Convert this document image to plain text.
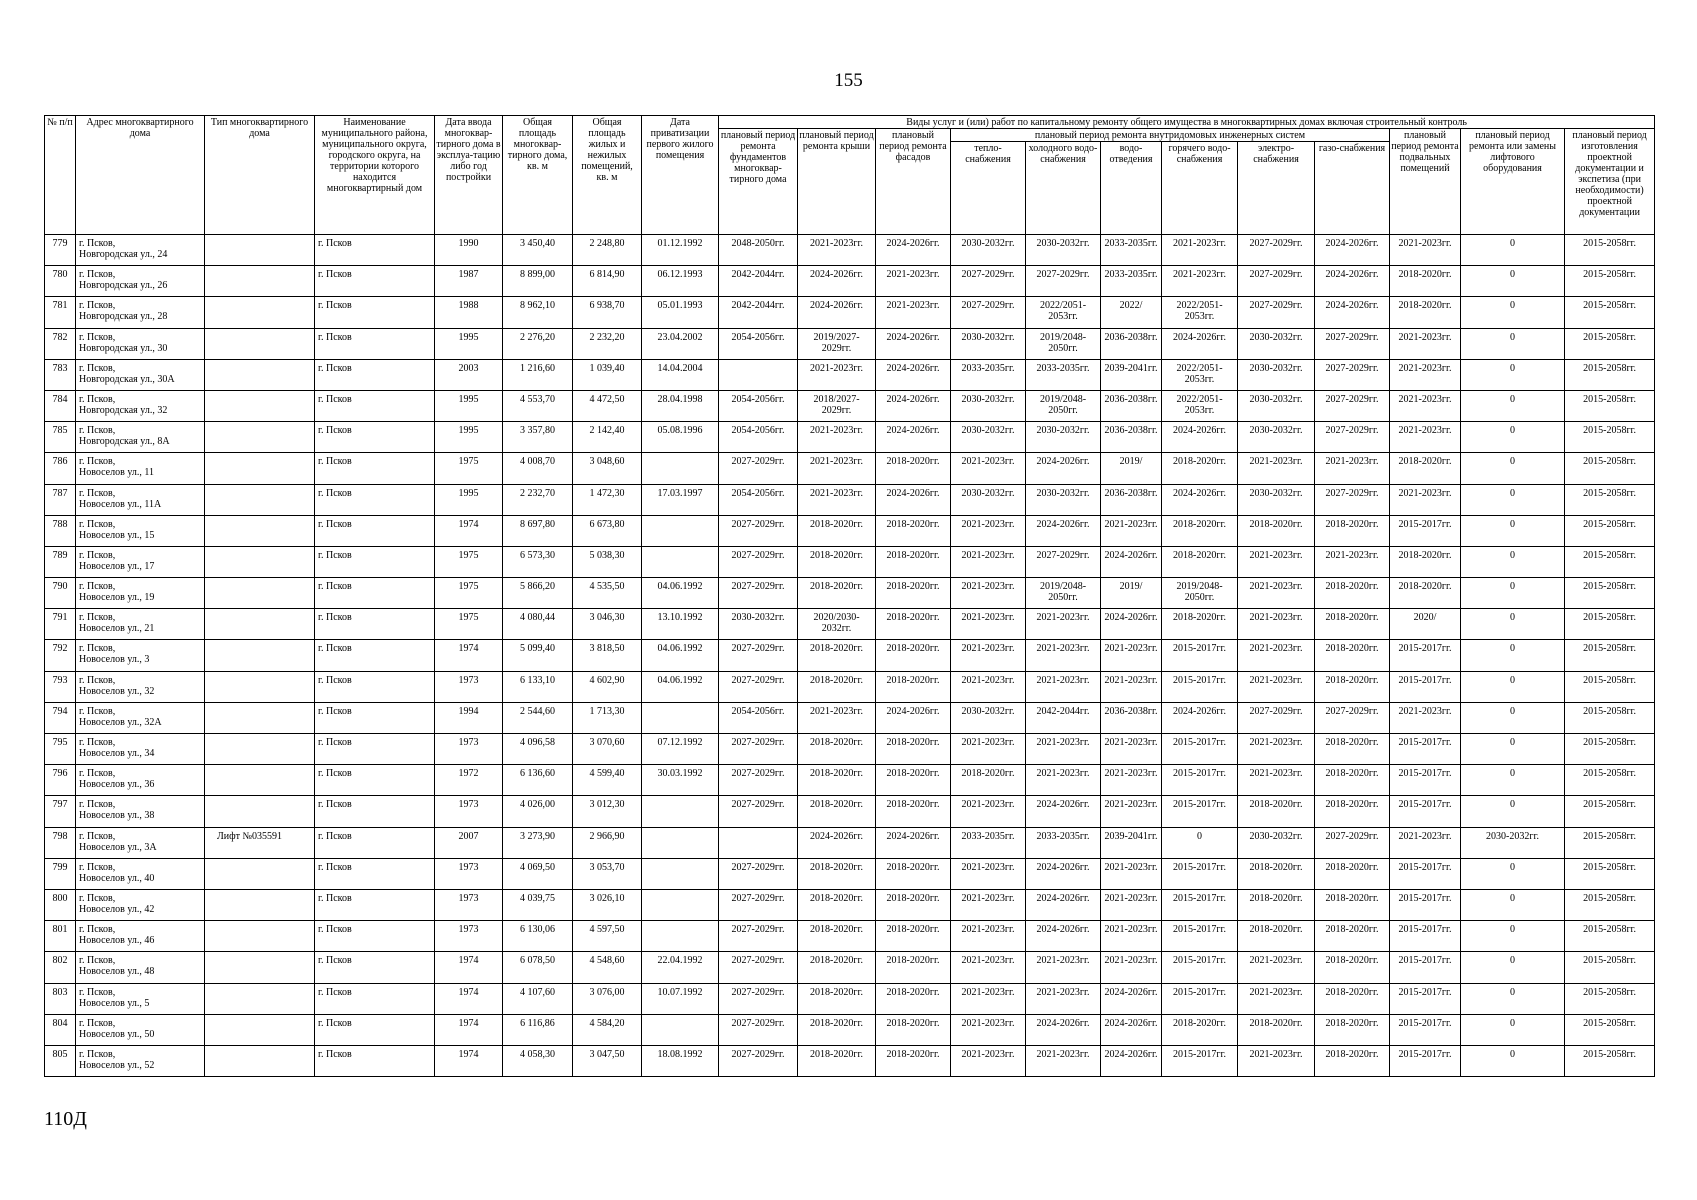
155
№ п/п	Адрес многоквартирного дома	Тип многоквартирного дома	Наименование муниципального района, муниципального округа, городского округа, на территории которого находится многоквартирный дом	Дата ввода многоквар-тирного дома в эксплуа-тацию либо год постройки	Общая площадь многоквар-тирного дома, кв. м	Общая площадь жилых и нежилых помещений, кв. м	Дата приватизации первого жилого помещения	Виды услуг и (или) работ по капитальному ремонту общего имущества в многоквартирных домах включая строительный контроль											
								плановый период ремонта фундаментов многоквар-тирного дома	плановый период ремонта крыши	плановый период ремонта фасадов	плановый период ремонта внутридомовых инженерных систем						плановый период ремонта подвальных помещений	плановый период ремонта или замены лифтового оборудования	плановый период изготовления проектной документации и экспетиза (при необходимости) проектной документации
											тепло-снабжения	холодного водо-снабжения	водо-отведения	горячего водо-снабжения	электро-снабжения	газо-снабжения			
779	г. Псков,
Новгородская ул., 24		г. Псков	1990	3 450,40	2 248,80	01.12.1992	2048-2050гг.	2021-2023гг.	2024-2026гг.	2030-2032гг.	2030-2032гг.	2033-2035гг.	2021-2023гг.	2027-2029гг.	2024-2026гг.	2021-2023гг.	0	2015-2058гг.
780	г. Псков,
Новгородская ул., 26		г. Псков	1987	8 899,00	6 814,90	06.12.1993	2042-2044гг.	2024-2026гг.	2021-2023гг.	2027-2029гг.	2027-2029гг.	2033-2035гг.	2021-2023гг.	2027-2029гг.	2024-2026гг.	2018-2020гг.	0	2015-2058гг.
781	г. Псков,
Новгородская ул., 28		г. Псков	1988	8 962,10	6 938,70	05.01.1993	2042-2044гг.	2024-2026гг.	2021-2023гг.	2027-2029гг.	2022/2051-2053гг.	2022/	2022/2051-2053гг.	2027-2029гг.	2024-2026гг.	2018-2020гг.	0	2015-2058гг.
782	г. Псков,
Новгородская ул., 30		г. Псков	1995	2 276,20	2 232,20	23.04.2002	2054-2056гг.	2019/2027-2029гг.	2024-2026гг.	2030-2032гг.	2019/2048-2050гг.	2036-2038гг.	2024-2026гг.	2030-2032гг.	2027-2029гг.	2021-2023гг.	0	2015-2058гг.
783	г. Псков,
Новгородская ул., 30А		г. Псков	2003	1 216,60	1 039,40	14.04.2004		2021-2023гг.	2024-2026гг.	2033-2035гг.	2033-2035гг.	2039-2041гг.	2022/2051-2053гг.	2030-2032гг.	2027-2029гг.	2021-2023гг.	0	2015-2058гг.
784	г. Псков,
Новгородская ул., 32		г. Псков	1995	4 553,70	4 472,50	28.04.1998	2054-2056гг.	2018/2027-2029гг.	2024-2026гг.	2030-2032гг.	2019/2048-2050гг.	2036-2038гг.	2022/2051-2053гг.	2030-2032гг.	2027-2029гг.	2021-2023гг.	0	2015-2058гг.
785	г. Псков,
Новгородская ул., 8А		г. Псков	1995	3 357,80	2 142,40	05.08.1996	2054-2056гг.	2021-2023гг.	2024-2026гг.	2030-2032гг.	2030-2032гг.	2036-2038гг.	2024-2026гг.	2030-2032гг.	2027-2029гг.	2021-2023гг.	0	2015-2058гг.
786	г. Псков,
Новоселов ул., 11		г. Псков	1975	4 008,70	3 048,60		2027-2029гг.	2021-2023гг.	2018-2020гг.	2021-2023гг.	2024-2026гг.	2019/	2018-2020гг.	2021-2023гг.	2021-2023гг.	2018-2020гг.	0	2015-2058гг.
787	г. Псков,
Новоселов ул., 11А		г. Псков	1995	2 232,70	1 472,30	17.03.1997	2054-2056гг.	2021-2023гг.	2024-2026гг.	2030-2032гг.	2030-2032гг.	2036-2038гг.	2024-2026гг.	2030-2032гг.	2027-2029гг.	2021-2023гг.	0	2015-2058гг.
788	г. Псков,
Новоселов ул., 15		г. Псков	1974	8 697,80	6 673,80		2027-2029гг.	2018-2020гг.	2018-2020гг.	2021-2023гг.	2024-2026гг.	2021-2023гг.	2018-2020гг.	2018-2020гг.	2018-2020гг.	2015-2017гг.	0	2015-2058гг.
789	г. Псков,
Новоселов ул., 17		г. Псков	1975	6 573,30	5 038,30		2027-2029гг.	2018-2020гг.	2018-2020гг.	2021-2023гг.	2027-2029гг.	2024-2026гг.	2018-2020гг.	2021-2023гг.	2021-2023гг.	2018-2020гг.	0	2015-2058гг.
790	г. Псков,
Новоселов ул., 19		г. Псков	1975	5 866,20	4 535,50	04.06.1992	2027-2029гг.	2018-2020гг.	2018-2020гг.	2021-2023гг.	2019/2048-2050гг.	2019/	2019/2048-2050гг.	2021-2023гг.	2018-2020гг.	2018-2020гг.	0	2015-2058гг.
791	г. Псков,
Новоселов ул., 21		г. Псков	1975	4 080,44	3 046,30	13.10.1992	2030-2032гг.	2020/2030-2032гг.	2018-2020гг.	2021-2023гг.	2021-2023гг.	2024-2026гг.	2018-2020гг.	2021-2023гг.	2018-2020гг.	2020/	0	2015-2058гг.
792	г. Псков,
Новоселов ул., 3		г. Псков	1974	5 099,40	3 818,50	04.06.1992	2027-2029гг.	2018-2020гг.	2018-2020гг.	2021-2023гг.	2021-2023гг.	2021-2023гг.	2015-2017гг.	2021-2023гг.	2018-2020гг.	2015-2017гг.	0	2015-2058гг.
793	г. Псков,
Новоселов ул., 32		г. Псков	1973	6 133,10	4 602,90	04.06.1992	2027-2029гг.	2018-2020гг.	2018-2020гг.	2021-2023гг.	2021-2023гг.	2021-2023гг.	2015-2017гг.	2021-2023гг.	2018-2020гг.	2015-2017гг.	0	2015-2058гг.
794	г. Псков,
Новоселов ул., 32А		г. Псков	1994	2 544,60	1 713,30		2054-2056гг.	2021-2023гг.	2024-2026гг.	2030-2032гг.	2042-2044гг.	2036-2038гг.	2024-2026гг.	2027-2029гг.	2027-2029гг.	2021-2023гг.	0	2015-2058гг.
795	г. Псков,
Новоселов ул., 34		г. Псков	1973	4 096,58	3 070,60	07.12.1992	2027-2029гг.	2018-2020гг.	2018-2020гг.	2021-2023гг.	2021-2023гг.	2021-2023гг.	2015-2017гг.	2021-2023гг.	2018-2020гг.	2015-2017гг.	0	2015-2058гг.
796	г. Псков,
Новоселов ул., 36		г. Псков	1972	6 136,60	4 599,40	30.03.1992	2027-2029гг.	2018-2020гг.	2018-2020гг.	2018-2020гг.	2021-2023гг.	2021-2023гг.	2015-2017гг.	2021-2023гг.	2018-2020гг.	2015-2017гг.	0	2015-2058гг.
797	г. Псков,
Новоселов ул., 38		г. Псков	1973	4 026,00	3 012,30		2027-2029гг.	2018-2020гг.	2018-2020гг.	2021-2023гг.	2024-2026гг.	2021-2023гг.	2015-2017гг.	2018-2020гг.	2018-2020гг.	2015-2017гг.	0	2015-2058гг.
798	г. Псков,
Новоселов ул., 3А	Лифт №035591	г. Псков	2007	3 273,90	2 966,90			2024-2026гг.	2024-2026гг.	2033-2035гг.	2033-2035гг.	2039-2041гг.	0	2030-2032гг.	2027-2029гг.	2021-2023гг.	2030-2032гг.	2015-2058гг.
799	г. Псков,
Новоселов ул., 40		г. Псков	1973	4 069,50	3 053,70		2027-2029гг.	2018-2020гг.	2018-2020гг.	2021-2023гг.	2024-2026гг.	2021-2023гг.	2015-2017гг.	2018-2020гг.	2018-2020гг.	2015-2017гг.	0	2015-2058гг.
800	г. Псков,
Новоселов ул., 42		г. Псков	1973	4 039,75	3 026,10		2027-2029гг.	2018-2020гг.	2018-2020гг.	2021-2023гг.	2024-2026гг.	2021-2023гг.	2015-2017гг.	2018-2020гг.	2018-2020гг.	2015-2017гг.	0	2015-2058гг.
801	г. Псков,
Новоселов ул., 46		г. Псков	1973	6 130,06	4 597,50		2027-2029гг.	2018-2020гг.	2018-2020гг.	2021-2023гг.	2024-2026гг.	2021-2023гг.	2015-2017гг.	2018-2020гг.	2018-2020гг.	2015-2017гг.	0	2015-2058гг.
802	г. Псков,
Новоселов ул., 48		г. Псков	1974	6 078,50	4 548,60	22.04.1992	2027-2029гг.	2018-2020гг.	2018-2020гг.	2021-2023гг.	2021-2023гг.	2021-2023гг.	2015-2017гг.	2021-2023гг.	2018-2020гг.	2015-2017гг.	0	2015-2058гг.
803	г. Псков,
Новоселов ул., 5		г. Псков	1974	4 107,60	3 076,00	10.07.1992	2027-2029гг.	2018-2020гг.	2018-2020гг.	2021-2023гг.	2021-2023гг.	2024-2026гг.	2015-2017гг.	2021-2023гг.	2018-2020гг.	2015-2017гг.	0	2015-2058гг.
804	г. Псков,
Новоселов ул., 50		г. Псков	1974	6 116,86	4 584,20		2027-2029гг.	2018-2020гг.	2018-2020гг.	2021-2023гг.	2024-2026гг.	2024-2026гг.	2018-2020гг.	2018-2020гг.	2018-2020гг.	2015-2017гг.	0	2015-2058гг.
805	г. Псков,
Новоселов ул., 52		г. Псков	1974	4 058,30	3 047,50	18.08.1992	2027-2029гг.	2018-2020гг.	2018-2020гг.	2021-2023гг.	2021-2023гг.	2024-2026гг.	2015-2017гг.	2021-2023гг.	2018-2020гг.	2015-2017гг.	0	2015-2058гг.
110Д
